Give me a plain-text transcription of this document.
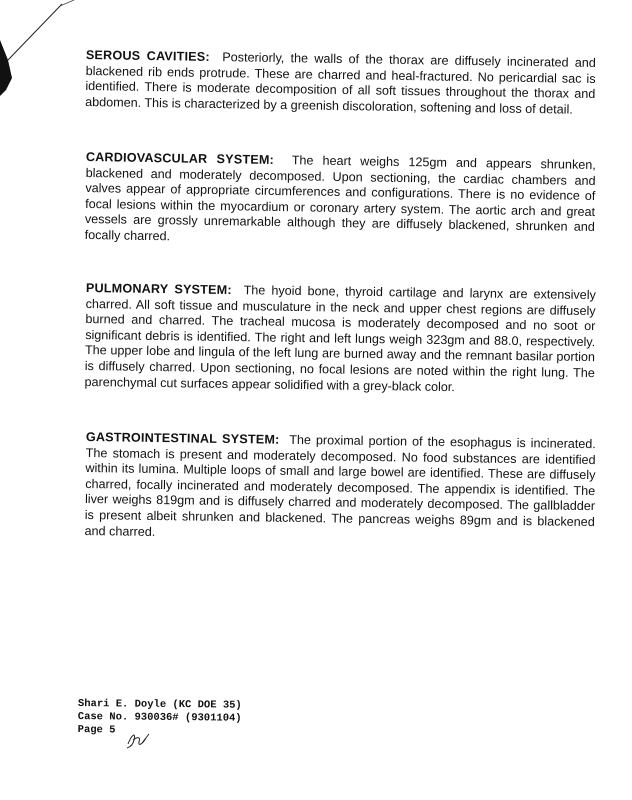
SEROUS CAVITIES: Posteriorly, the walls of the thorax are diffusely incinerated and blackened rib ends protrude. These are charred and heal-fractured. No pericardial sac is identified. There is moderate decomposition of all soft tissues throughout the thorax and abdomen. This is characterized by a greenish discoloration, softening and loss of detail.
CARDIOVASCULAR SYSTEM: The heart weighs 125gm and appears shrunken, blackened and moderately decomposed. Upon sectioning, the cardiac chambers and valves appear of appropriate circumferences and configurations. There is no evidence of focal lesions within the myocardium or coronary artery system. The aortic arch and great vessels are grossly unremarkable although they are diffusely blackened, shrunken and focally charred.
PULMONARY SYSTEM: The hyoid bone, thyroid cartilage and larynx are extensively charred. All soft tissue and musculature in the neck and upper chest regions are diffusely burned and charred. The tracheal mucosa is moderately decomposed and no soot or significant debris is identified. The right and left lungs weigh 323gm and 88.0, respectively. The upper lobe and lingula of the left lung are burned away and the remnant basilar portion is diffusely charred. Upon sectioning, no focal lesions are noted within the right lung. The parenchymal cut surfaces appear solidified with a grey-black color.
GASTROINTESTINAL SYSTEM: The proximal portion of the esophagus is incinerated. The stomach is present and moderately decomposed. No food substances are identified within its lumina. Multiple loops of small and large bowel are identified. These are diffusely charred, focally incinerated and moderately decomposed. The appendix is identified. The liver weighs 819gm and is diffusely charred and moderately decomposed. The gallbladder is present albeit shrunken and blackened. The pancreas weighs 89gm and is blackened and charred.
Shari E. Doyle (KC DOE 35)
Case No. 930036# (9301104)
Page 5
